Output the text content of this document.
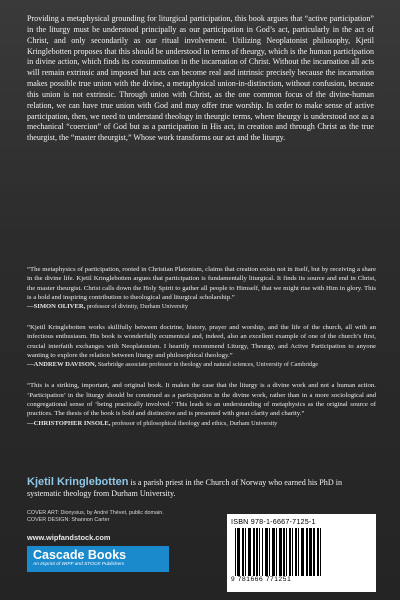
Providing a metaphysical grounding for liturgical participation, this book argues that “active participation” in the liturgy must be understood principally as our participation in God’s act, particularly in the act of Christ, and only secondarily as our ritual involvement. Utilizing Neoplatonist philosophy, Kjetil Kringlebotten proposes that this should be understood in terms of theurgy, which is the human participation in divine action, which finds its consummation in the incarnation of Christ. Without the incarnation all acts will remain extrinsic and imposed but acts can become real and intrinsic precisely because the incarnation makes possible true union with the divine, a metaphysical union-in-distinction, without confusion, because this union is not extrinsic. Through union with Christ, as the one common focus of the divine-human relation, we can have true union with God and may offer true worship. In order to make sense of active participation, then, we need to understand theology in theurgic terms, where theurgy is understood not as a mechanical “coercion” of God but as a participation in His act, in creation and through Christ as the true theurgist, the “master theurgist,” Whose work transforms our act and the liturgy.

“The metaphysics of participation, rooted in Christian Platonism, claims that creation exists not in itself, but by receiving a share in the divine life. Kjetil Kringlebotten argues that participation is fundamentally liturgical. It finds its source and end in Christ, the master theurgist. Christ calls down the Holy Spirit to gather all people to Himself, that we might rise with Him in glory. This is a bold and inspiring contribution to theological and liturgical scholarship.”

—SIMON OLIVER, professor of divinity, Durham University

“Kjetil Kringlebotten works skillfully between doctrine, history, prayer and worship, and the life of the church, all with an infectious enthusiasm. His book is wonderfully ecumenical and, indeed, also an excellent example of one of the church’s first, crucial interfaith exchanges with Neoplatonism. I heartily recommend Liturgy, Theurgy, and Active Participation to anyone wanting to explore the relation between liturgy and philosophical theology.”

—ANDREW DAVISON, Starbridge associate professor in theology and natural sciences, University of Cambridge

“This is a striking, important, and original book. It makes the case that the liturgy is a divine work and not a human action. ‘Participation’ in the liturgy should be construed as a participation in the divine work, rather than in a more sociological and congregational sense of ‘being practically involved.’ This leads to an understanding of metaphysics as the original source of practices. The thesis of the book is bold and distinctive and is presented with great clarity and charity.”

—CHRISTOPHER INSOLE, professor of philosophical theology and ethics, Durham University

Kjetil Kringlebotten is a parish priest in the Church of Norway who earned his PhD in systematic theology from Durham University.

COVER ART: Dionysius, by André Thévet, public domain.
COVER DESIGN: Shannon Carter
www.wipfandstock.com
Cascade Books
An Imprint of WIPF and STOCK Publishers
ISBN 978-1-6667-7125-1
9 781666 771251
